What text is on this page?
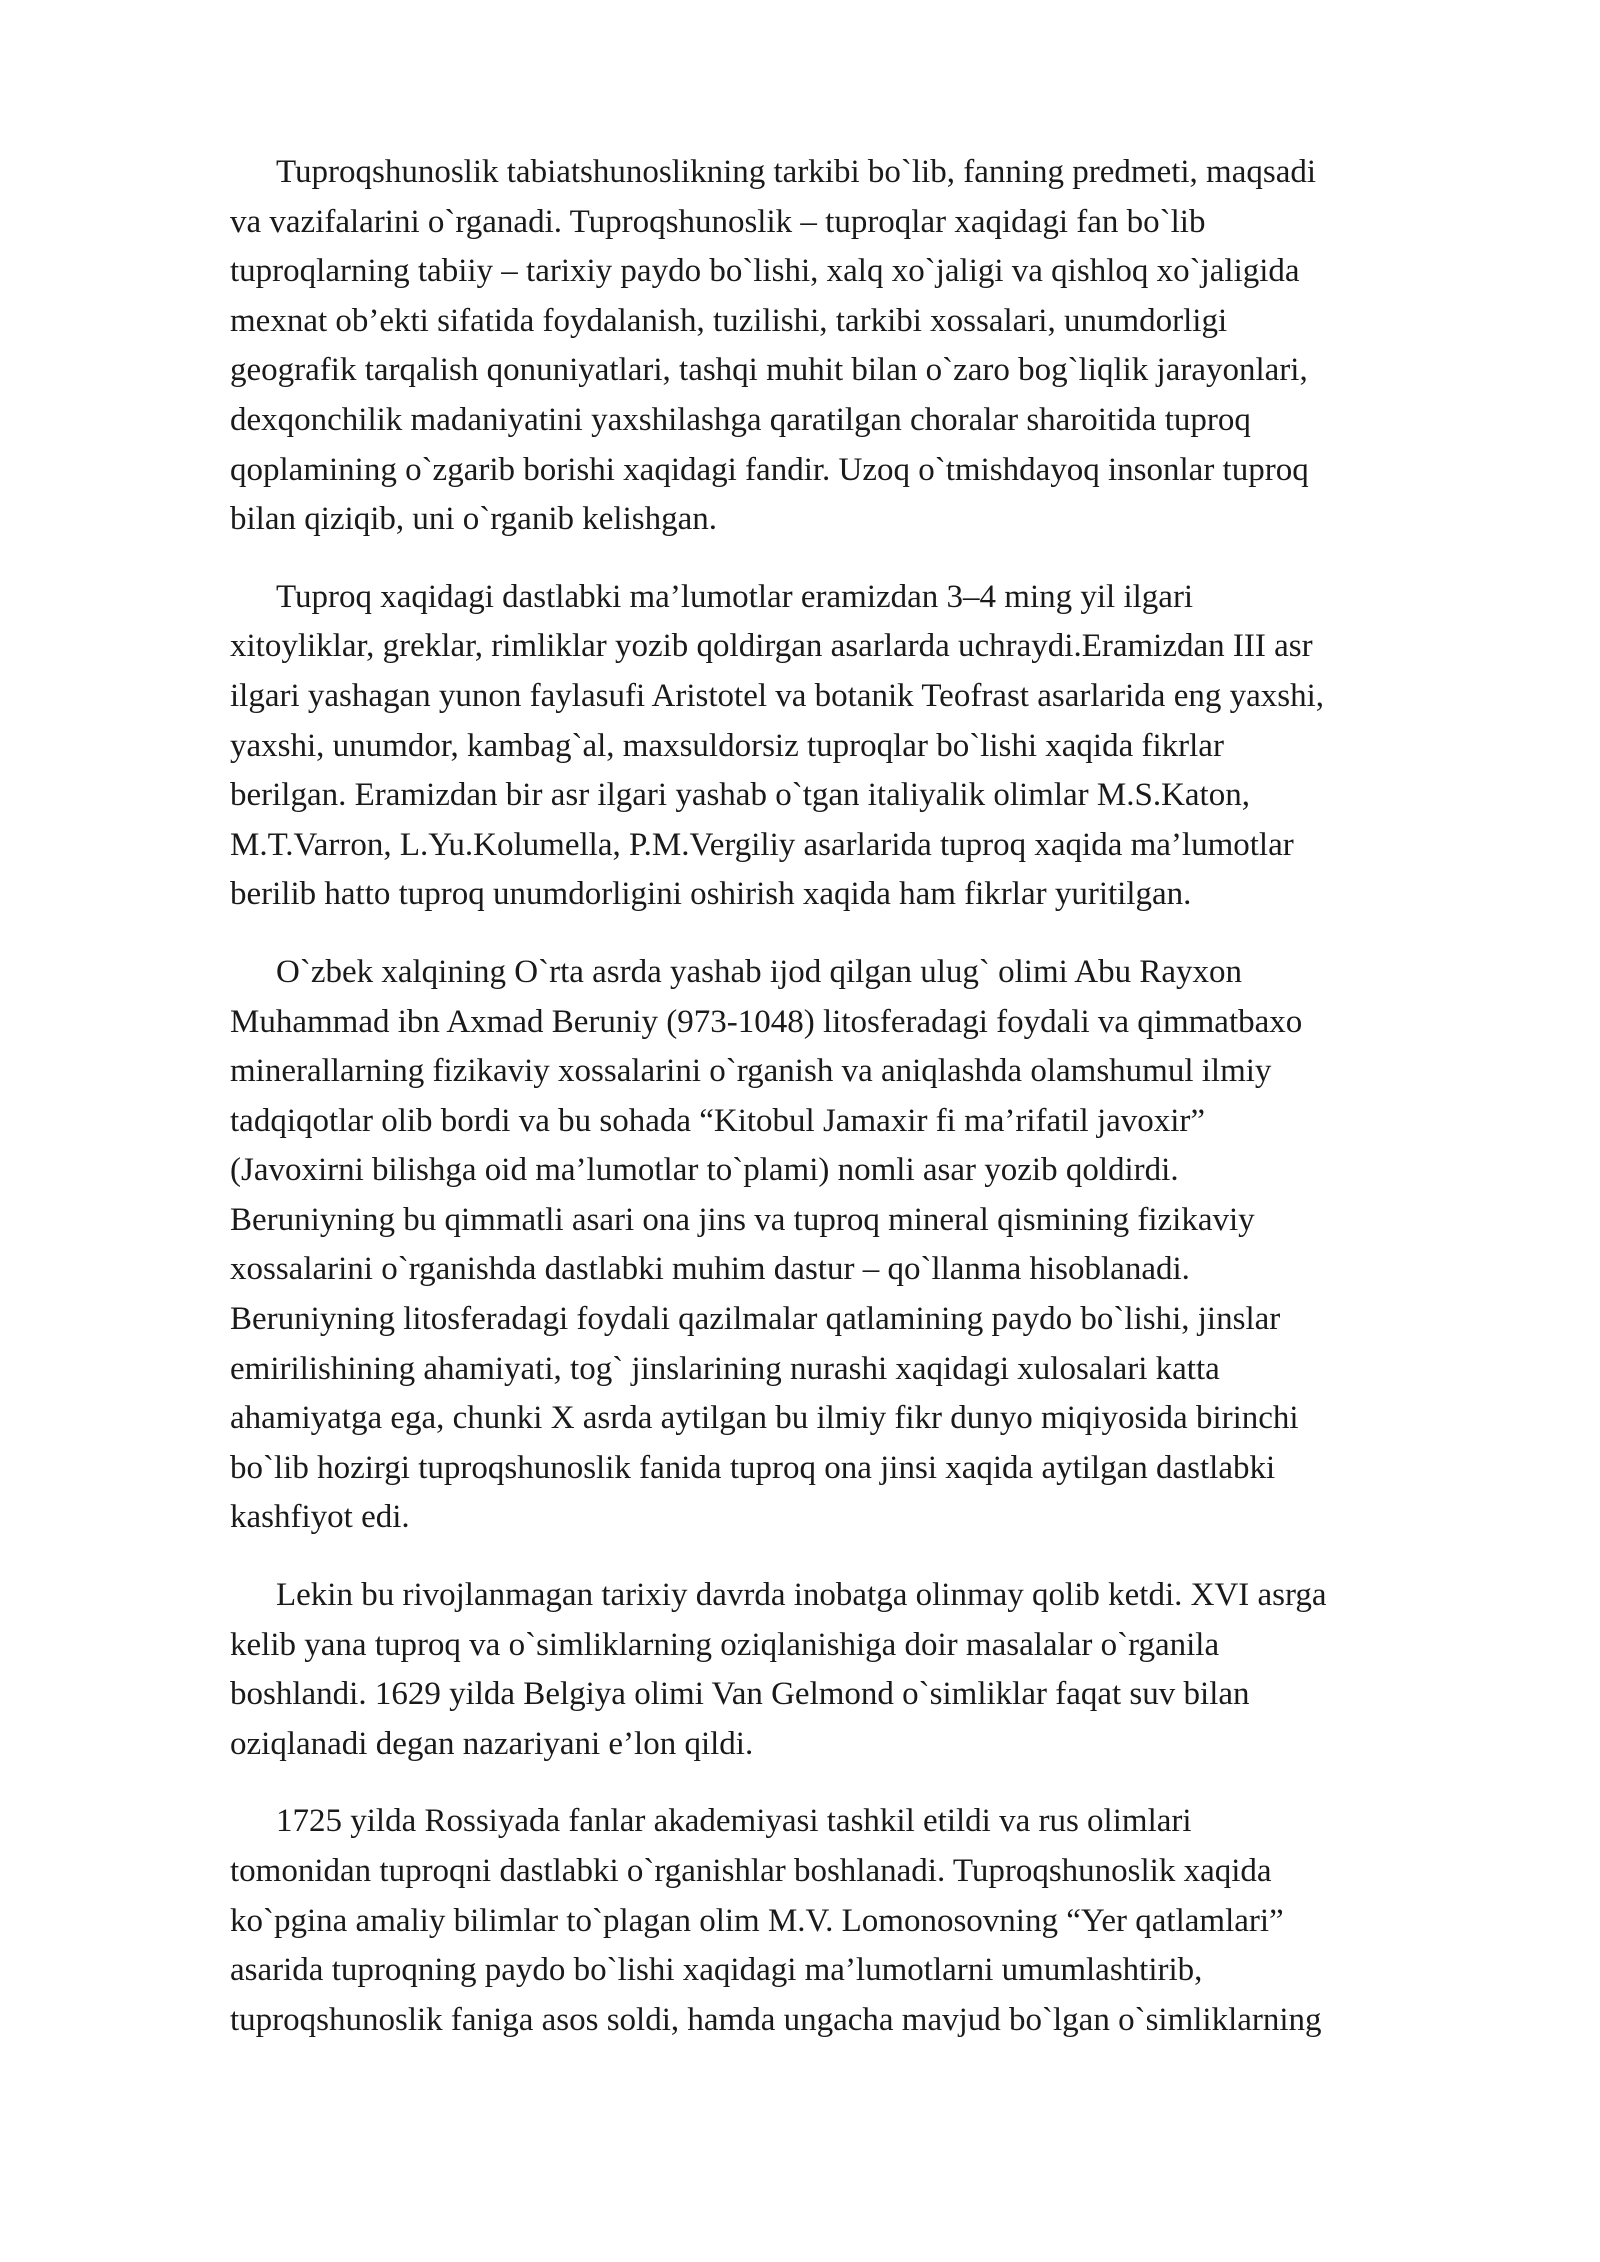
Tuproqshunoslik tabiatshunoslikning tarkibi bo`lib, fanning predmeti, maqsadi
va vazifalarini o`rganadi. Tuproqshunoslik – tuproqlar xaqidagi fan bo`lib
tuproqlarning tabiiy – tarixiy paydo bo`lishi, xalq xo`jaligi va qishloq xo`jaligida
mexnat ob’ekti sifatida foydalanish, tuzilishi, tarkibi xossalari, unumdorligi
geografik tarqalish qonuniyatlari, tashqi muhit bilan o`zaro bog`liqlik jarayonlari,
dexqonchilik madaniyatini yaxshilashga qaratilgan choralar sharoitida tuproq
qoplamining o`zgarib borishi xaqidagi fandir. Uzoq o`tmishdayoq insonlar tuproq
bilan qiziqib, uni o`rganib kelishgan.

Tuproq xaqidagi dastlabki ma’lumotlar eramizdan 3–4 ming yil ilgari
xitoyliklar, greklar, rimliklar yozib qoldirgan asarlarda uchraydi.Eramizdan III asr
ilgari yashagan yunon faylasufi Aristotel va botanik Teofrast asarlarida eng yaxshi,
yaxshi, unumdor, kambag`al, maxsuldorsiz tuproqlar bo`lishi xaqida fikrlar
berilgan. Eramizdan bir asr ilgari yashab o`tgan italiyalik olimlar M.S.Katon,
M.T.Varron, L.Yu.Kolumella, P.M.Vergiliy asarlarida tuproq xaqida ma’lumotlar
berilib hatto tuproq unumdorligini oshirish xaqida ham fikrlar yuritilgan.

O`zbek xalqining O`rta asrda yashab ijod qilgan ulug` olimi Abu Rayxon
Muhammad ibn Axmad Beruniy (973-1048) litosferadagi foydali va qimmatbaxo
minerallarning fizikaviy xossalarini o`rganish va aniqlashda olamshumul ilmiy
tadqiqotlar olib bordi va bu sohada “Kitobul Jamaxir fi ma’rifatil javoxir”
(Javoxirni bilishga oid ma’lumotlar to`plami) nomli asar yozib qoldirdi.
Beruniyning bu qimmatli asari ona jins va tuproq mineral qismining fizikaviy
xossalarini o`rganishda dastlabki muhim dastur – qo`llanma hisoblanadi.
Beruniyning litosferadagi foydali qazilmalar qatlamining paydo bo`lishi, jinslar
emirilishining ahamiyati, tog` jinslarining nurashi xaqidagi xulosalari katta
ahamiyatga ega, chunki X asrda aytilgan bu ilmiy fikr dunyo miqiyosida birinchi
bo`lib hozirgi tuproqshunoslik fanida tuproq ona jinsi xaqida aytilgan dastlabki
kashfiyot edi.

Lekin bu rivojlanmagan tarixiy davrda inobatga olinmay qolib ketdi. XVI asrga
kelib yana tuproq va o`simliklarning oziqlanishiga doir masalalar o`rganila
boshlandi. 1629 yilda Belgiya olimi Van Gelmond o`simliklar faqat suv bilan
oziqlanadi degan nazariyani e’lon qildi.

1725 yilda Rossiyada fanlar akademiyasi tashkil etildi va rus olimlari
tomonidan tuproqni dastlabki o`rganishlar boshlanadi. Tuproqshunoslik xaqida
ko`pgina amaliy bilimlar to`plagan olim M.V. Lomonosovning “Yer qatlamlari”
asarida tuproqning paydo bo`lishi xaqidagi ma’lumotlarni umumlashtirib,
tuproqshunoslik faniga asos soldi, hamda ungacha mavjud bo`lgan o`simliklarning
